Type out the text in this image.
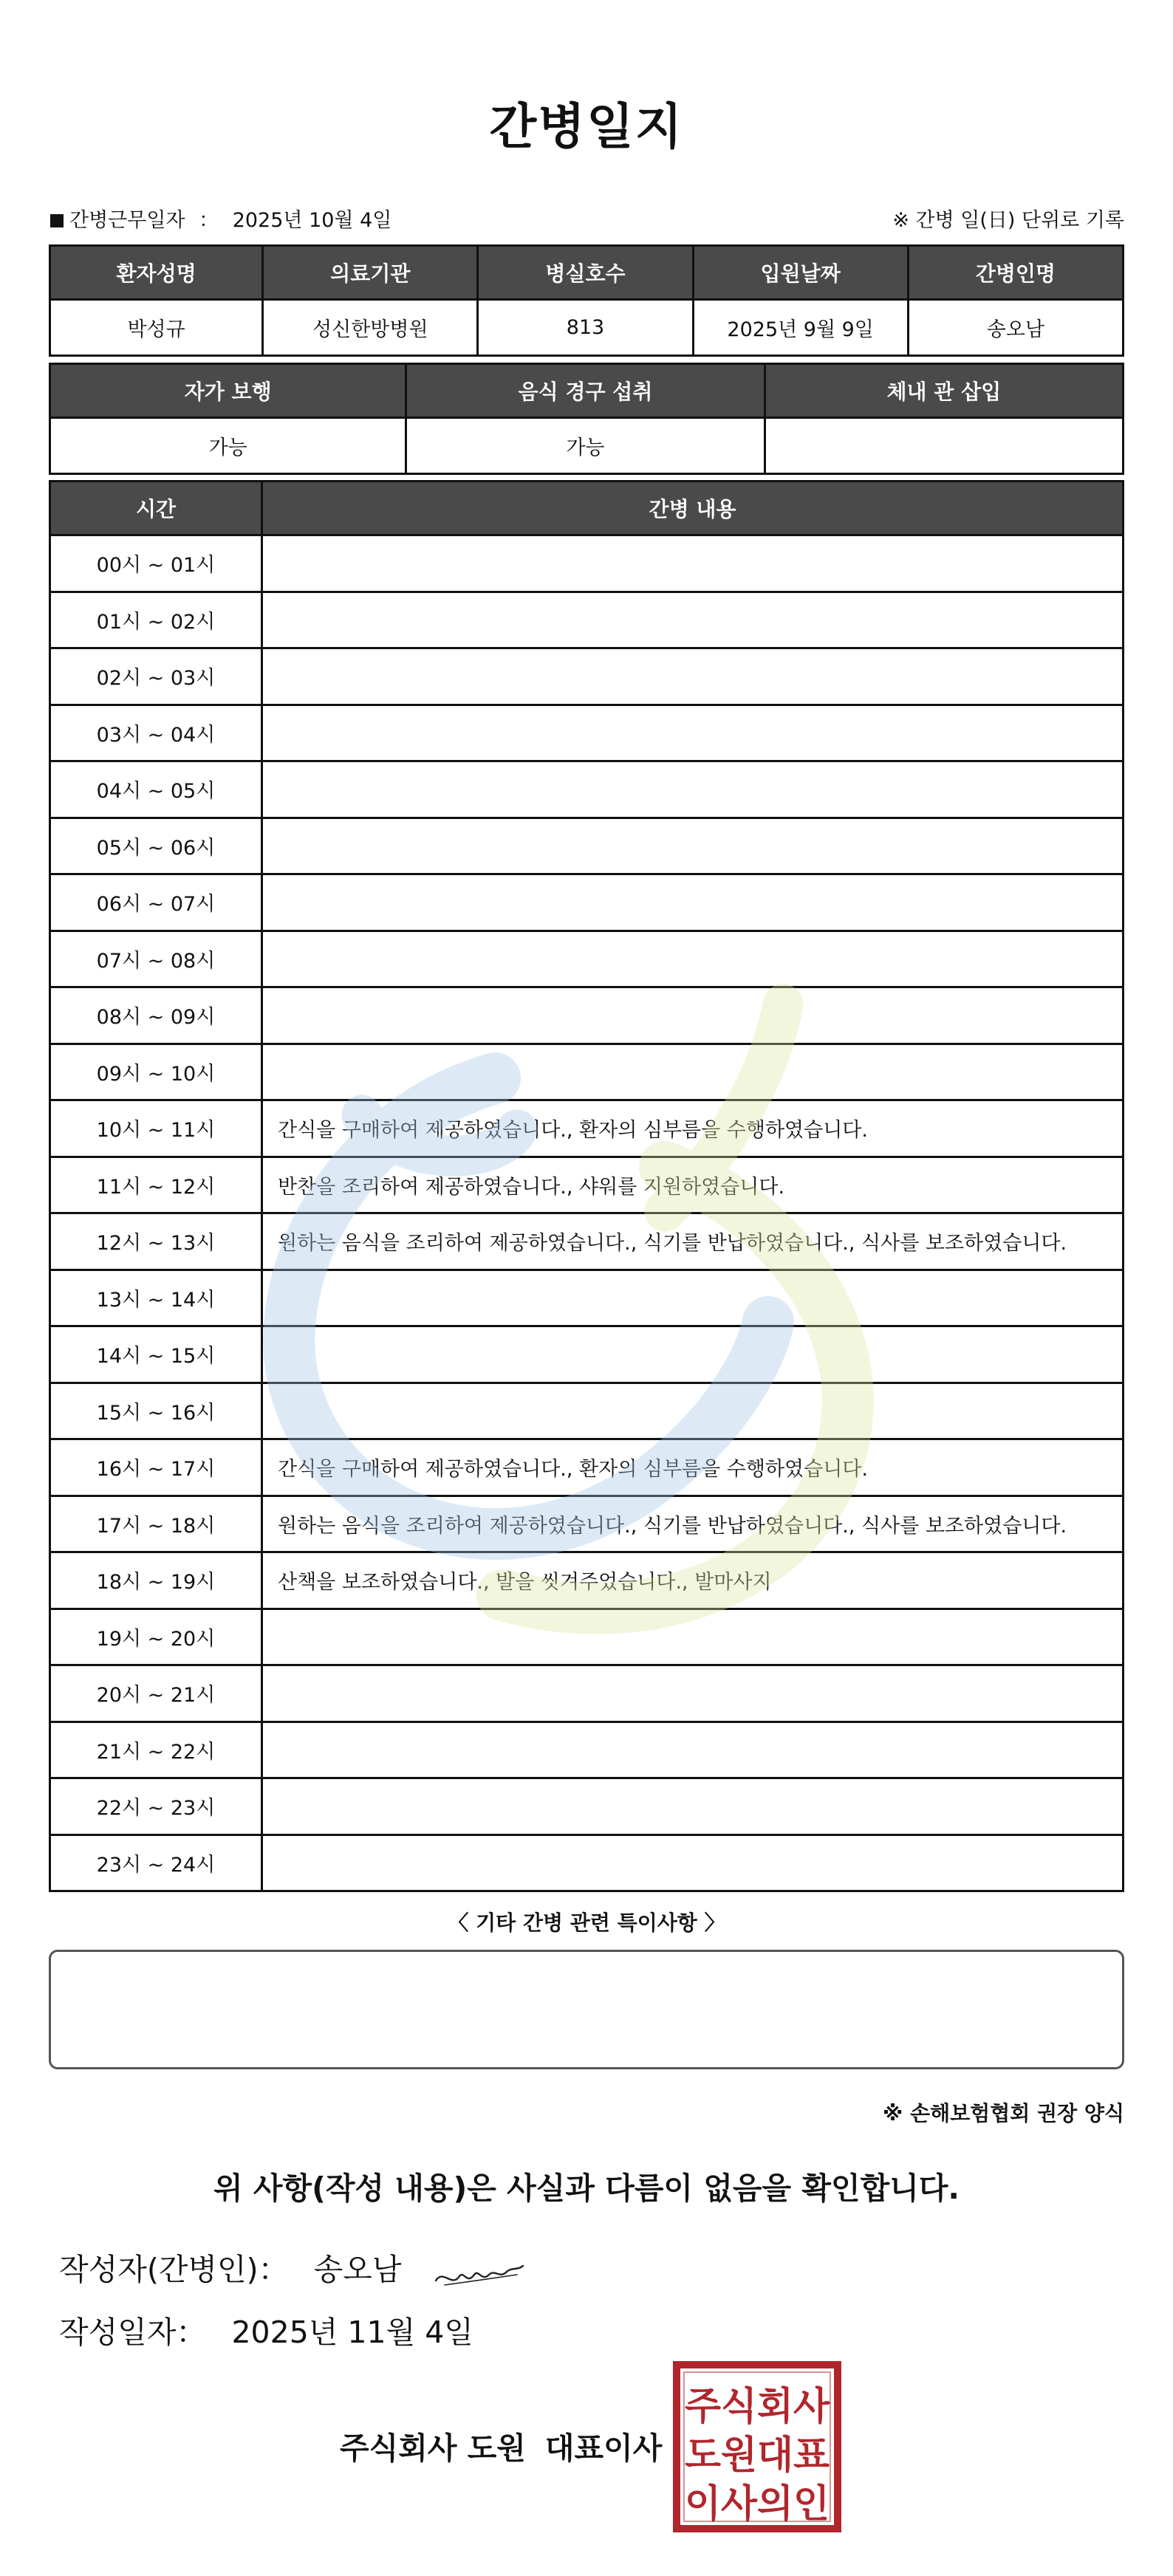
간병일지
간병근무일자 ： 2025년 10월 4일	※ 간병 일(日) 단위로 기록
환자성명	의료기관	병실호수	입원날짜	간병인명
박성규	성신한방병원	813	2025년 9월 9일	송오남
자가 보행	음식 경구 섭취	체내 관 삽입
가능	가능	
시간	간병 내용
00시 ~ 01시	
01시 ~ 02시	
02시 ~ 03시	
03시 ~ 04시	
04시 ~ 05시	
05시 ~ 06시	
06시 ~ 07시	
07시 ~ 08시	
08시 ~ 09시	
09시 ~ 10시	
10시 ~ 11시	간식을 구매하여 제공하였습니다., 환자의 심부름을 수행하였습니다.
11시 ~ 12시	반찬을 조리하여 제공하였습니다., 샤워를 지원하였습니다.
12시 ~ 13시	원하는 음식을 조리하여 제공하였습니다., 식기를 반납하였습니다., 식사를 보조하였습니다.
13시 ~ 14시	
14시 ~ 15시	
15시 ~ 16시	
16시 ~ 17시	간식을 구매하여 제공하였습니다., 환자의 심부름을 수행하였습니다.
17시 ~ 18시	원하는 음식을 조리하여 제공하였습니다., 식기를 반납하였습니다., 식사를 보조하였습니다.
18시 ~ 19시	산책을 보조하였습니다., 발을 씻겨주었습니다., 발마사지
19시 ~ 20시	
20시 ~ 21시	
21시 ~ 22시	
22시 ~ 23시	
23시 ~ 24시	
〈 기타 간병 관련 특이사항 〉
※ 손해보험협회 권장 양식
위 사항(작성 내용)은 사실과 다름이 없음을 확인합니다.
작성자(간병인)： 송오남
작성일자： 2025년 11월 4일
주식회사 도원 대표이사
주식회사
도원대표
이사의인
